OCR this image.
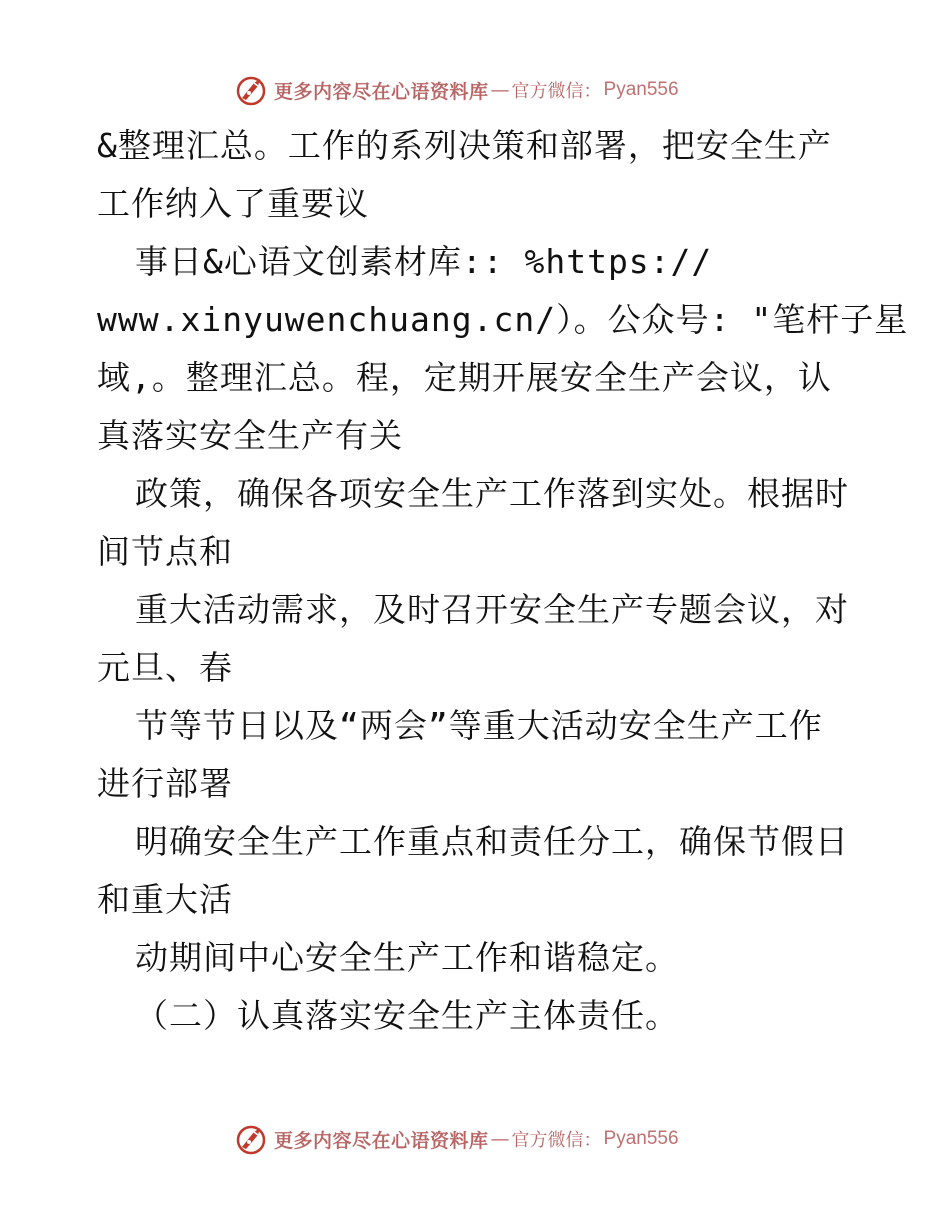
更多内容尽在心语资料库 — 官方微信： Pyan556
&整理汇总。工作的系列决策和部署，把安全生产
工作纳入了重要议
事日&心语文创素材库:: %https://
www.xinyuwenchuang.cn/）。公众号: "笔杆子星
域,。整理汇总。程，定期开展安全生产会议，认
真落实安全生产有关
政策，确保各项安全生产工作落到实处。根据时
间节点和
重大活动需求，及时召开安全生产专题会议，对
元旦、春
节等节日以及“两会”等重大活动安全生产工作
进行部署
明确安全生产工作重点和责任分工，确保节假日
和重大活
动期间中心安全生产工作和谐稳定。
（二）认真落实安全生产主体责任。
更多内容尽在心语资料库 — 官方微信： Pyan556
